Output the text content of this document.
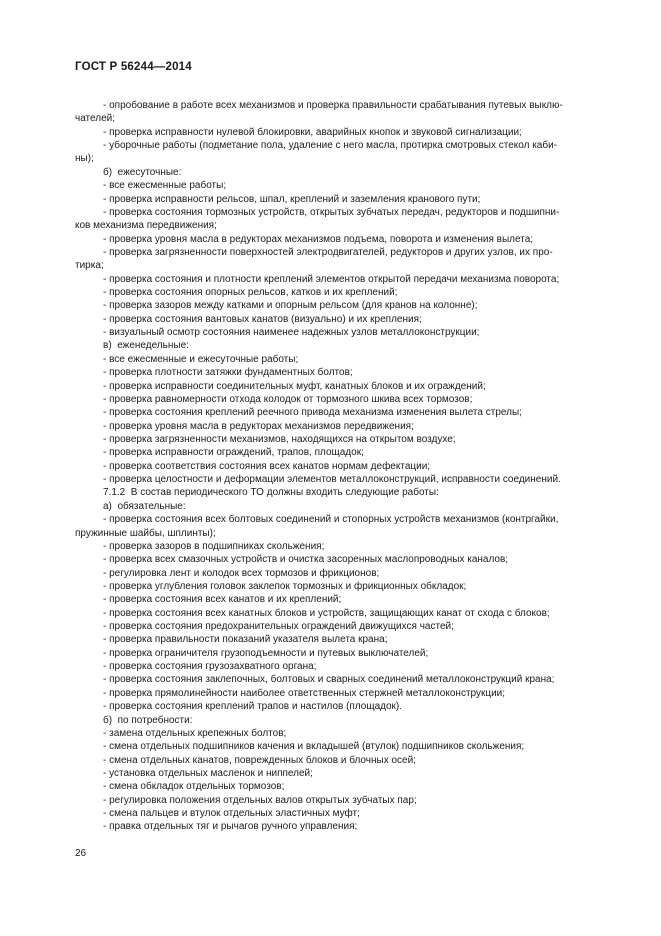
ГОСТ Р 56244—2014
- опробование в работе всех механизмов и проверка правильности срабатывания путевых выклю-
чателей;
- проверка исправности нулевой блокировки, аварийных кнопок и звуковой сигнализации;
- уборочные работы (подметание пола, удаление с него масла, протирка смотровых стекол каби-
ны);
б)  ежесуточные:
- все ежесменные работы;
- проверка исправности рельсов, шпал, креплений и заземления кранового пути;
- проверка состояния тормозных устройств, открытых зубчатых передач, редукторов и подшипни-
ков механизма передвижения;
- проверка уровня масла в редукторах механизмов подъема, поворота и изменения вылета;
- проверка загрязненности поверхностей электродвигателей, редукторов и других узлов, их про-
тирка;
- проверка состояния и плотности креплений элементов открытой передачи механизма поворота;
- проверка состояния опорных рельсов, катков и их креплений;
- проверка зазоров между катками и опорным рельсом (для кранов на колонне);
- проверка состояния вантовых канатов (визуально) и их крепления;
- визуальный осмотр состояния наименее надежных узлов металлоконструкции;
в)  еженедельные:
- все ежесменные и ежесуточные работы;
- проверка плотности затяжки фундаментных болтов;
- проверка исправности соединительных муфт, канатных блоков и их ограждений;
- проверка равномерности отхода колодок от тормозного шкива всех тормозов;
- проверка состояния креплений реечного привода механизма изменения вылета стрелы;
- проверка уровня масла в редукторах механизмов передвижения;
- проверка загрязненности механизмов, находящихся на открытом воздухе;
- проверка исправности ограждений, трапов, площадок;
- проверка соответствия состояния всех канатов нормам дефектации;
- проверка целостности и деформации элементов металлоконструкций, исправности соединений.
7.1.2  В состав периодического ТО должны входить следующие работы:
а)  обязательные:
- проверка состояния всех болтовых соединений и стопорных устройств механизмов (контргайки,
пружинные шайбы, шплинты);
- проверка зазоров в подшипниках скольжения;
- проверка всех смазочных устройств и очистка засоренных маслопроводных каналов;
- регулировка лент и колодок всех тормозов и фрикционов;
- проверка углубления головок заклепок тормозных и фрикционных обкладок;
- проверка состояния всех канатов и их креплений;
- проверка состояния всех канатных блоков и устройств, защищающих канат от схода с блоков;
- проверка состояния предохранительных ограждений движущихся частей;
- проверка правильности показаний указателя вылета крана;
- проверка ограничителя грузоподъемности и путевых выключателей;
- проверка состояния грузозахватного органа;
- проверка состояния заклепочных, болтовых и сварных соединений металлоконструкций крана;
- проверка прямолинейности наиболее ответственных стержней металлоконструкции;
- проверка состояния креплений трапов и настилов (площадок).
б)  по потребности:
- замена отдельных крепежных болтов;
- смена отдельных подшипников качения и вкладышей (втулок) подшипников скольжения;
- смена отдельных канатов, поврежденных блоков и блочных осей;
- установка отдельных масленок и ниппелей;
- смена обкладок отдельных тормозов;
- регулировка положения отдельных валов открытых зубчатых пар;
- смена пальцев и втулок отдельных эластичных муфт;
- правка отдельных тяг и рычагов ручного управления;
26
